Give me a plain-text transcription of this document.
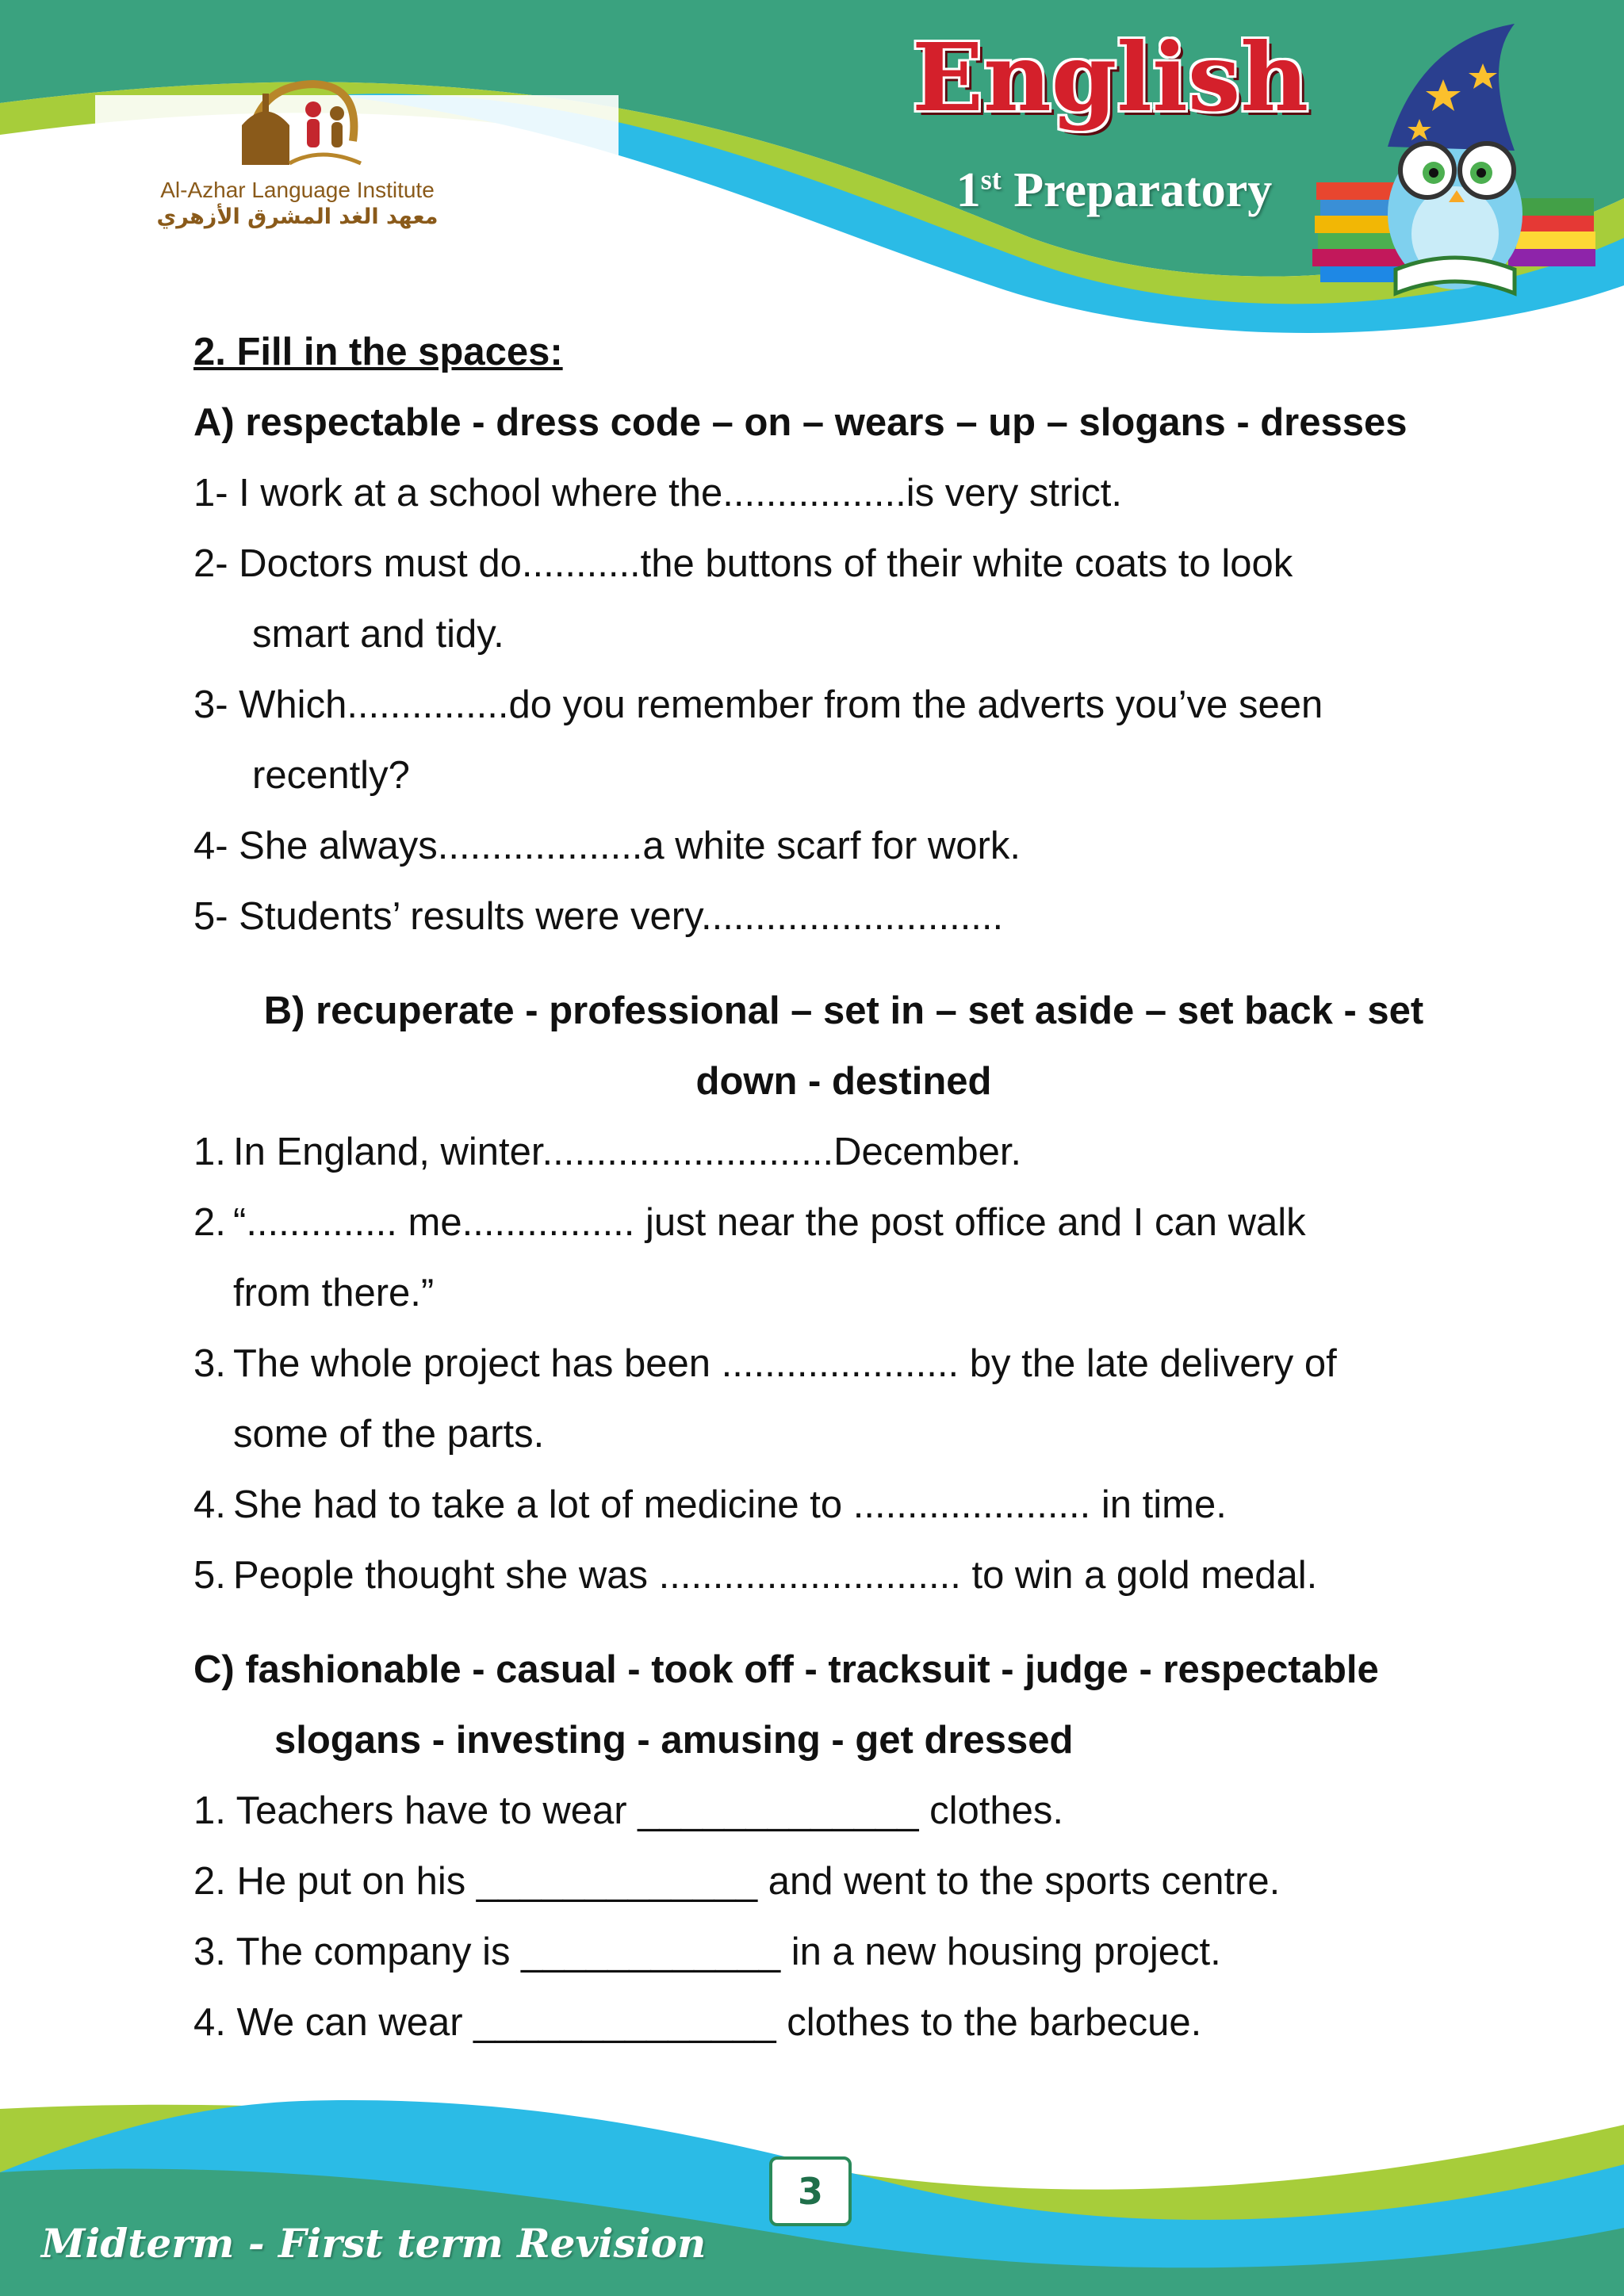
Al-Azhar Language Institute
معهد الغد المشرق الأزهري
English
1st Preparatory
2. Fill in the spaces:
A) respectable - dress code – on – wears – up – slogans - dresses
1- I work at a school where the.................is very strict.
2- Doctors must do...........the buttons of their white coats to look
smart and tidy.
3- Which...............do you remember from the adverts you’ve seen
recently?
4- She always...................a white scarf for work.
5- Students’ results were very............................
B) recuperate - professional – set in – set aside – set back - set
down - destined
1. In England, winter...........................December.
2. “.............. me................ just near the post office and I can walk
from there.”
3. The whole project has been ...................... by the late delivery of
some of the parts.
4. She had to take a lot of medicine to ...................... in time.
5. People thought she was ............................ to win a gold medal.
C) fashionable - casual - took off - tracksuit - judge - respectable
slogans - investing - amusing - get dressed
1. Teachers have to wear _____________ clothes.
2. He put on his _____________ and went to the sports centre.
3. The company is ____________ in a new housing project.
4. We can wear ______________ clothes to the barbecue.
3
Midterm - First term Revision
